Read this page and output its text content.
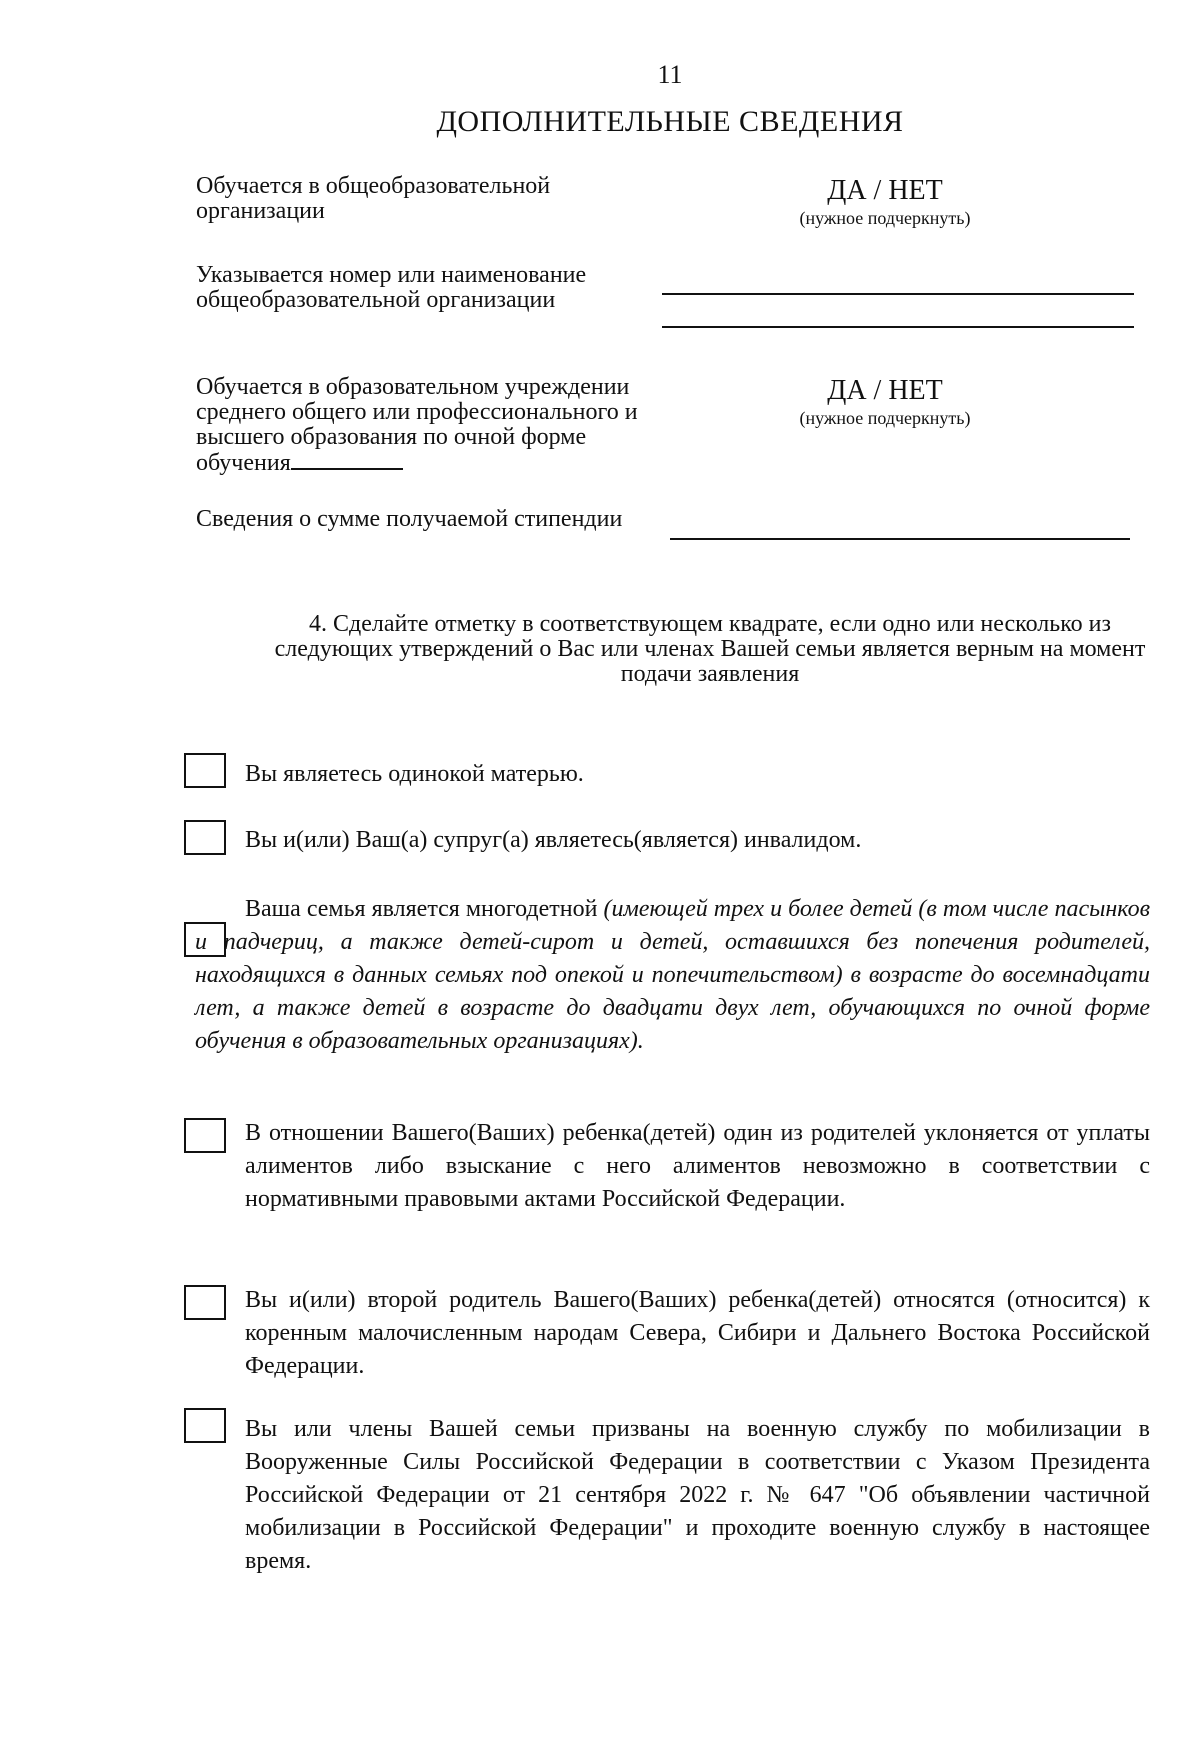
11
ДОПОЛНИТЕЛЬНЫЕ СВЕДЕНИЯ
Обучается в общеобразовательной организации
ДА / НЕТ
(нужное подчеркнуть)
Указывается номер или наименование общеобразовательной организации
Обучается в образовательном учреждении среднего общего или профессионального и высшего образования по очной форме обучения
ДА / НЕТ
(нужное подчеркнуть)
Сведения о сумме получаемой стипендии
4. Сделайте отметку в соответствующем квадрате, если одно или несколько из следующих утверждений о Вас или членах Вашей семьи является верным на момент подачи заявления
Вы являетесь одинокой матерью.
Вы и(или) Ваш(а) супруг(а) являетесь(является) инвалидом.
Ваша семья является многодетной (имеющей трех и более детей (в том числе пасынков и падчериц, а также детей-сирот и детей, оставшихся без попечения родителей, находящихся в данных семьях под опекой и попечительством) в возрасте до восемнадцати лет, а также детей в возрасте до двадцати двух лет, обучающихся по очной форме обучения в образовательных организациях).
В отношении Вашего(Ваших) ребенка(детей) один из родителей уклоняется от уплаты алиментов либо взыскание с него алиментов невозможно в соответствии с нормативными правовыми актами Российской Федерации.
Вы и(или) второй родитель Вашего(Ваших) ребенка(детей) относятся (относится) к коренным малочисленным народам Севера, Сибири и Дальнего Востока Российской Федерации.
Вы или члены Вашей семьи призваны на военную службу по мобилизации в Вооруженные Силы Российской Федерации в соответствии с Указом Президента Российской Федерации от 21 сентября 2022 г. № 647 "Об объявлении частичной мобилизации в Российской Федерации" и проходите военную службу в настоящее время.
